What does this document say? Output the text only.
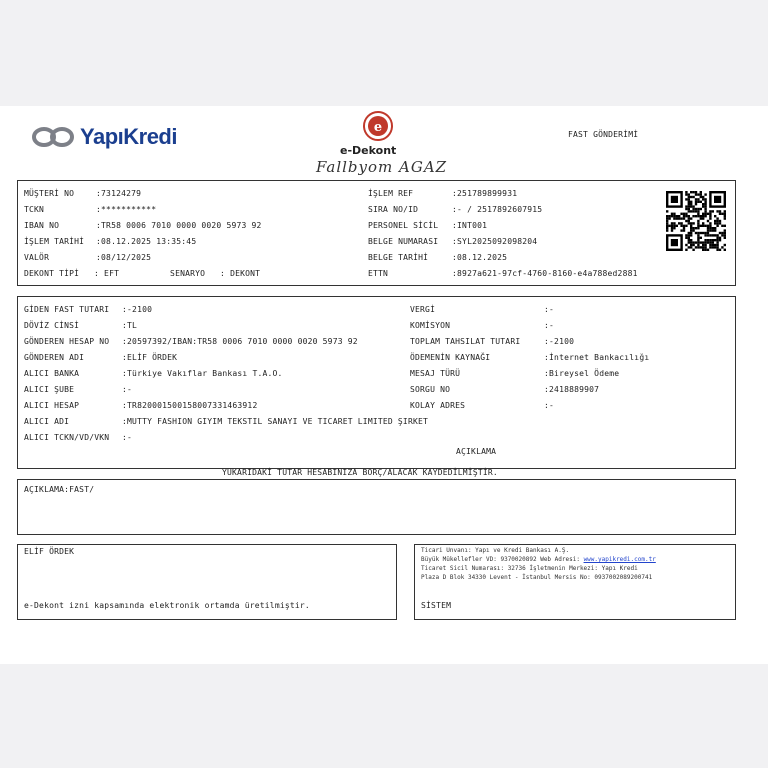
YapıKredi	e
e-Dekont
Fallbyom AGAZ
FAST GÖNDERİMİ
MÜŞTERİ NO	:73124279
TCKN	:***********
IBAN NO	:TR58 0006 7010 0000 0020 5973 92
İŞLEM TARİHİ :08.12.2025 13:35:45
VALÖR	:08/12/2025
İŞLEM REF	:251789899931
SIRA NO/ID	:- / 2517892607915
PERSONEL SİCİL :INT001
BELGE NUMARASI :SYL2025092098204
BELGE TARİHİ	:08.12.2025
ETTN	:8927a621-97cf-4760-8160-e4a788ed2881
DEKONT TİPİ : EFT	SENARYO : DEKONT
GİDEN FAST TUTARI :-2100
DÖVİZ CİNSİ	:TL
GÖNDEREN HESAP NO :20597392/IBAN:TR58 0006 7010 0000 0020 5973 92
GÖNDEREN ADI	:ELİF ÖRDEK
ALICI BANKA	:Türkiye Vakıflar Bankası T.A.O.
ALICI ŞUBE	:-
ALICI HESAP	:TR820001500158007331463912
ALICI ADI	:MUTTY FASHION GIYIM TEKSTIL SANAYI VE TICARET LIMITED ŞIRKET
ALICI TCKN/VD/VKN :-
VERGİ	:-
KOMİSYON	:-
TOPLAM TAHSILAT TUTARI	:-2100
ÖDEMENİN KAYNAĞI	:İnternet Bankacılığı
MESAJ TÜRÜ	:Bireysel Ödeme
SORGU NO	:2418889907
KOLAY ADRES	:-
AÇIKLAMA
YUKARIDAKİ TUTAR HESABINIZA BORÇ/ALACAK KAYDEDİLMİŞTİR.
AÇIKLAMA:FAST/
ELİF ÖRDEK
e-Dekont izni kapsamında elektronik ortamda üretilmiştir.
Ticari Unvanı: Yapı ve Kredi Bankası A.Ş.
Büyük Mükellefler VD: 9370020892 Web Adresi: www.yapikredi.com.tr
Ticaret Sicil Numarası: 32736 İşletmenin Merkezi: Yapı Kredi
Plaza D Blok 34330 Levent - İstanbul Mersis No: 0937002089200741
SİSTEM
